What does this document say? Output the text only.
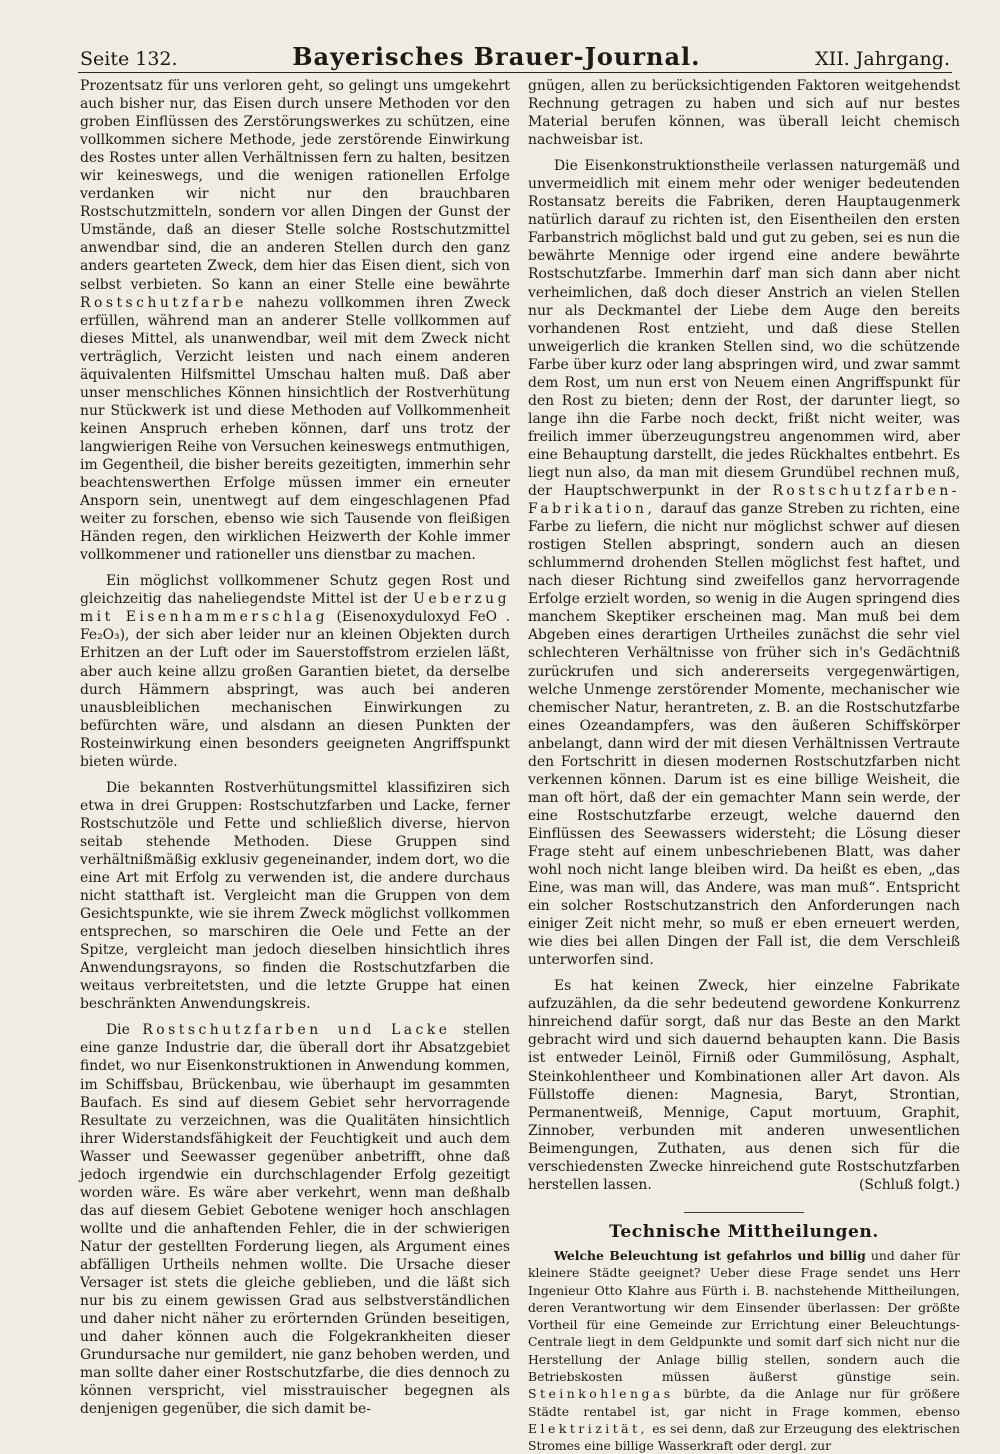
Seite 132.	Bayerisches Brauer-Journal.	XII. Jahrgang.

Prozentsatz für uns verloren geht, so gelingt uns umgekehrt auch bisher nur, das Eisen durch unsere Methoden vor den groben Einflüssen des Zerstörungswerkes zu schützen, eine vollkommen sichere Methode, jede zerstörende Einwirkung des Rostes unter allen Verhältnissen fern zu halten, besitzen wir keineswegs, und die wenigen rationellen Erfolge verdanken wir nicht nur den brauchbaren Rostschutzmitteln, sondern vor allen Dingen der Gunst der Umstände, daß an dieser Stelle solche Rostschutzmittel anwendbar sind, die an anderen Stellen durch den ganz anders gearteten Zweck, dem hier das Eisen dient, sich von selbst verbieten. So kann an einer Stelle eine bewährte Rostschutzfarbe nahezu vollkommen ihren Zweck erfüllen, während man an anderer Stelle vollkommen auf dieses Mittel, als unanwendbar, weil mit dem Zweck nicht verträglich, Verzicht leisten und nach einem anderen äquivalenten Hilfsmittel Umschau halten muß. Daß aber unser menschliches Können hinsichtlich der Rostverhütung nur Stückwerk ist und diese Methoden auf Vollkommenheit keinen Anspruch erheben können, darf uns trotz der langwierigen Reihe von Versuchen keineswegs entmuthigen, im Gegentheil, die bisher bereits gezeitigten, immerhin sehr beachtenswerthen Erfolge müssen immer ein erneuter Ansporn sein, unentwegt auf dem eingeschlagenen Pfad weiter zu forschen, ebenso wie sich Tausende von fleißigen Händen regen, den wirklichen Heizwerth der Kohle immer vollkommener und rationeller uns dienstbar zu machen.

Ein möglichst vollkommener Schutz gegen Rost und gleichzeitig das naheliegendste Mittel ist der Ueberzug mit Eisenhammerschlag (Eisenoxyduloxyd FeO . Fe₂O₃), der sich aber leider nur an kleinen Objekten durch Erhitzen an der Luft oder im Sauerstoffstrom erzielen läßt, aber auch keine allzu großen Garantien bietet, da derselbe durch Hämmern abspringt, was auch bei anderen unausbleiblichen mechanischen Einwirkungen zu befürchten wäre, und alsdann an diesen Punkten der Rosteinwirkung einen besonders geeigneten Angriffspunkt bieten würde.

Die bekannten Rostverhütungsmittel klassifiziren sich etwa in drei Gruppen: Rostschutzfarben und Lacke, ferner Rostschutzöle und Fette und schließlich diverse, hiervon seitab stehende Methoden. Diese Gruppen sind verhältnißmäßig exklusiv gegeneinander, indem dort, wo die eine Art mit Erfolg zu verwenden ist, die andere durchaus nicht statthaft ist. Vergleicht man die Gruppen von dem Gesichtspunkte, wie sie ihrem Zweck möglichst vollkommen entsprechen, so marschiren die Oele und Fette an der Spitze, vergleicht man jedoch dieselben hinsichtlich ihres Anwendungsrayons, so finden die Rostschutzfarben die weitaus verbreitetsten, und die letzte Gruppe hat einen beschränkten Anwendungskreis.

Die Rostschutzfarben und Lacke stellen eine ganze Industrie dar, die überall dort ihr Absatzgebiet findet, wo nur Eisenkonstruktionen in Anwendung kommen, im Schiffsbau, Brückenbau, wie überhaupt im gesammten Baufach. Es sind auf diesem Gebiet sehr hervorragende Resultate zu verzeichnen, was die Qualitäten hinsichtlich ihrer Widerstandsfähigkeit der Feuchtigkeit und auch dem Wasser und Seewasser gegenüber anbetrifft, ohne daß jedoch irgendwie ein durchschlagender Erfolg gezeitigt worden wäre. Es wäre aber verkehrt, wenn man deßhalb das auf diesem Gebiet Gebotene weniger hoch anschlagen wollte und die anhaftenden Fehler, die in der schwierigen Natur der gestellten Forderung liegen, als Argument eines abfälligen Urtheils nehmen wollte. Die Ursache dieser Versager ist stets die gleiche geblieben, und die läßt sich nur bis zu einem gewissen Grad aus selbstverständlichen und daher nicht näher zu erörternden Gründen beseitigen, und daher können auch die Folgekrankheiten dieser Grundursache nur gemildert, nie ganz behoben werden, und man sollte daher einer Rostschutzfarbe, die dies dennoch zu können verspricht, viel misstrauischer begegnen als denjenigen gegenüber, die sich damit be-

gnügen, allen zu berücksichtigenden Faktoren weitgehendst Rechnung getragen zu haben und sich auf nur bestes Material berufen können, was überall leicht chemisch nachweisbar ist.

Die Eisenkonstruktionstheile verlassen naturgemäß und unvermeidlich mit einem mehr oder weniger bedeutenden Rostansatz bereits die Fabriken, deren Hauptaugenmerk natürlich darauf zu richten ist, den Eisentheilen den ersten Farbanstrich möglichst bald und gut zu geben, sei es nun die bewährte Mennige oder irgend eine andere bewährte Rostschutzfarbe. Immerhin darf man sich dann aber nicht verheimlichen, daß doch dieser Anstrich an vielen Stellen nur als Deckmantel der Liebe dem Auge den bereits vorhandenen Rost entzieht, und daß diese Stellen unweigerlich die kranken Stellen sind, wo die schützende Farbe über kurz oder lang abspringen wird, und zwar sammt dem Rost, um nun erst von Neuem einen Angriffspunkt für den Rost zu bieten; denn der Rost, der darunter liegt, so lange ihn die Farbe noch deckt, frißt nicht weiter, was freilich immer überzeugungstreu angenommen wird, aber eine Behauptung darstellt, die jedes Rückhaltes entbehrt. Es liegt nun also, da man mit diesem Grundübel rechnen muß, der Hauptschwerpunkt in der Rostschutzfarben-Fabrikation, darauf das ganze Streben zu richten, eine Farbe zu liefern, die nicht nur möglichst schwer auf diesen rostigen Stellen abspringt, sondern auch an diesen schlummernd drohenden Stellen möglichst fest haftet, und nach dieser Richtung sind zweifellos ganz hervorragende Erfolge erzielt worden, so wenig in die Augen springend dies manchem Skeptiker erscheinen mag. Man muß bei dem Abgeben eines derartigen Urtheiles zunächst die sehr viel schlechteren Verhältnisse von früher sich in's Gedächtniß zurückrufen und sich andererseits vergegenwärtigen, welche Unmenge zerstörender Momente, mechanischer wie chemischer Natur, herantreten, z. B. an die Rostschutzfarbe eines Ozeandampfers, was den äußeren Schiffskörper anbelangt, dann wird der mit diesen Verhältnissen Vertraute den Fortschritt in diesen modernen Rostschutzfarben nicht verkennen können. Darum ist es eine billige Weisheit, die man oft hört, daß der ein gemachter Mann sein werde, der eine Rostschutzfarbe erzeugt, welche dauernd den Einflüssen des Seewassers widersteht; die Lösung dieser Frage steht auf einem unbeschriebenen Blatt, was daher wohl noch nicht lange bleiben wird. Da heißt es eben, „das Eine, was man will, das Andere, was man muß“. Entspricht ein solcher Rostschutzanstrich den Anforderungen nach einiger Zeit nicht mehr, so muß er eben erneuert werden, wie dies bei allen Dingen der Fall ist, die dem Verschleiß unterworfen sind.

Es hat keinen Zweck, hier einzelne Fabrikate aufzuzählen, da die sehr bedeutend gewordene Konkurrenz hinreichend dafür sorgt, daß nur das Beste an den Markt gebracht wird und sich dauernd behaupten kann. Die Basis ist entweder Leinöl, Firniß oder Gummilösung, Asphalt, Steinkohlentheer und Kombinationen aller Art davon. Als Füllstoffe dienen: Magnesia, Baryt, Strontian, Permanentweiß, Mennige, Caput mortuum, Graphit, Zinnober, verbunden mit anderen unwesentlichen Beimengungen, Zuthaten, aus denen sich für die verschiedensten Zwecke hinreichend gute Rostschutzfarben herstellen lassen.	(Schluß folgt.)

Technische Mittheilungen.

Welche Beleuchtung ist gefahrlos und billig und daher für kleinere Städte geeignet? Ueber diese Frage sendet uns Herr Ingenieur Otto Klahre aus Fürth i. B. nachstehende Mittheilungen, deren Verantwortung wir dem Einsender überlassen: Der größte Vortheil für eine Gemeinde zur Errichtung einer Beleuchtungs-Centrale liegt in dem Geldpunkte und somit darf sich nicht nur die Herstellung der Anlage billig stellen, sondern auch die Betriebskosten müssen äußerst günstige sein. Steinkohlengas bürbte, da die Anlage nur für größere Städte rentabel ist, gar nicht in Frage kommen, ebenso Elektrizität, es sei denn, daß zur Erzeugung des elektrischen Stromes eine billige Wasserkraft oder dergl. zur
